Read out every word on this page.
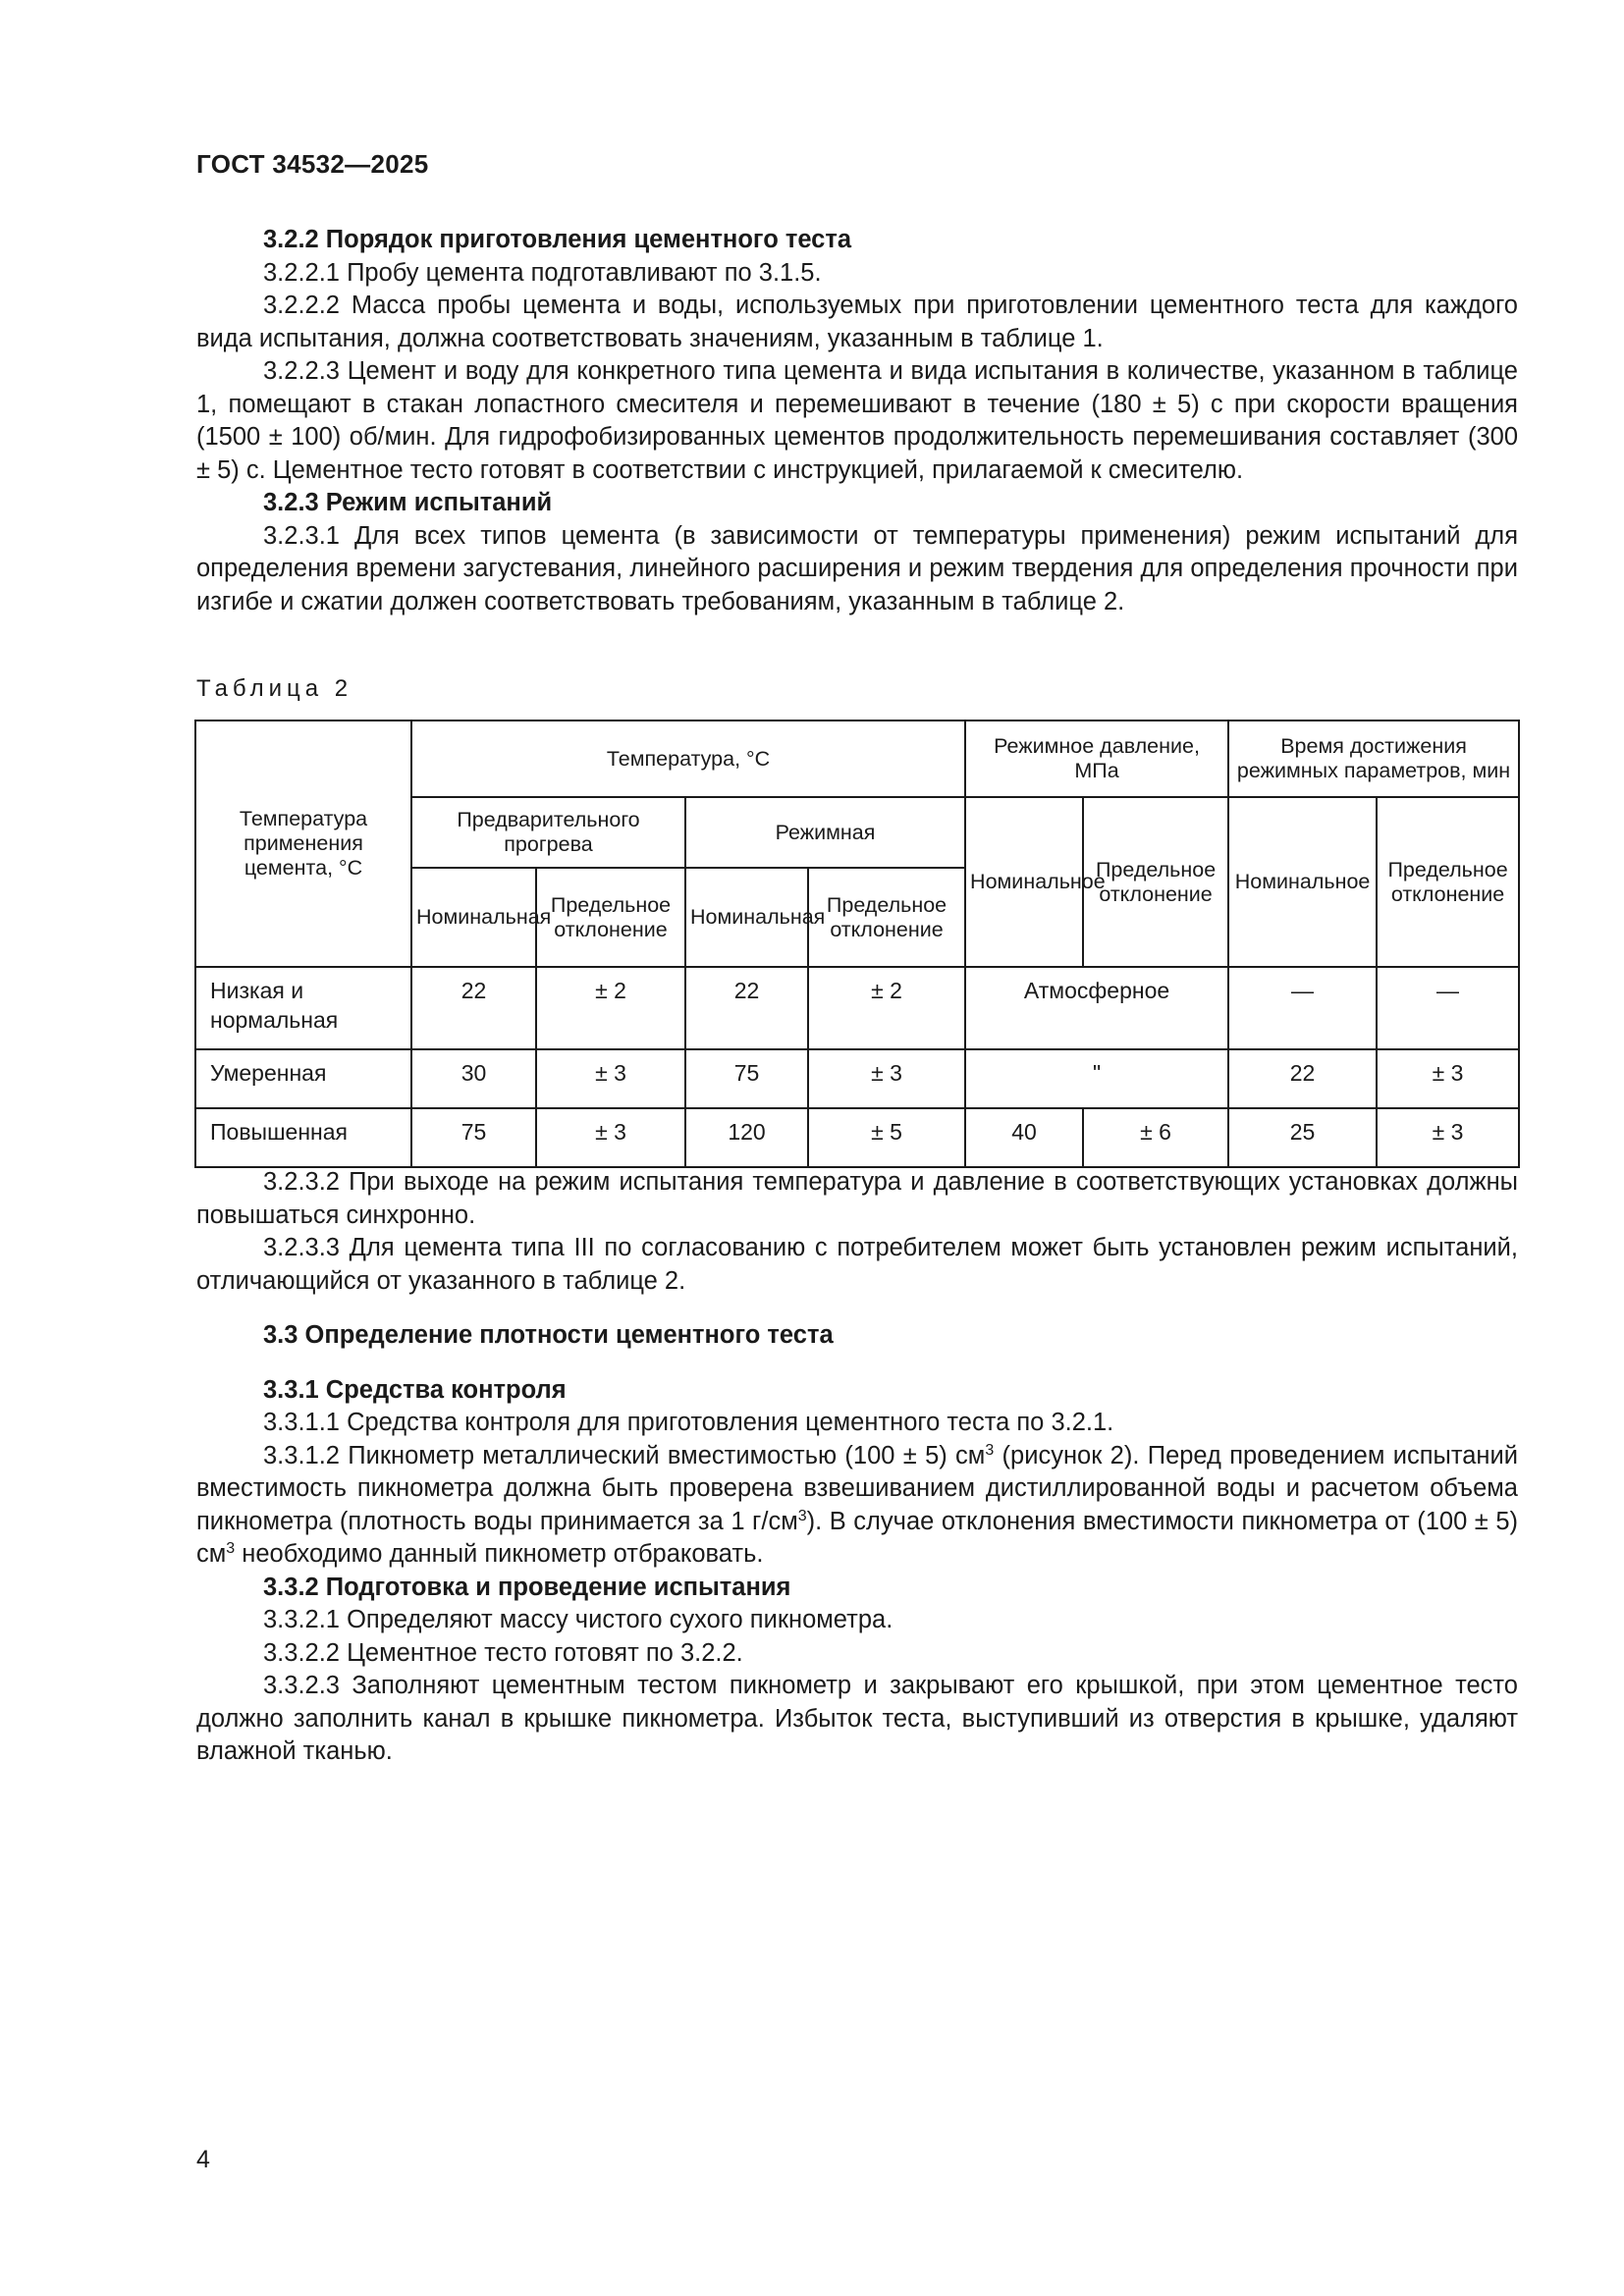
ГОСТ 34532—2025

3.2.2 Порядок приготовления цементного теста

3.2.2.1 Пробу цемента подготавливают по 3.1.5.

3.2.2.2 Масса пробы цемента и воды, используемых при приготовлении цементного теста для каждого вида испытания, должна соответствовать значениям, указанным в таблице 1.

3.2.2.3 Цемент и воду для конкретного типа цемента и вида испытания в количестве, указанном в таблице 1, помещают в стакан лопастного смесителя и перемешивают в течение (180 ± 5) с при скорости вращения (1500 ± 100) об/мин. Для гидрофобизированных цементов продолжительность перемешивания составляет (300 ± 5) с. Цементное тесто готовят в соответствии с инструкцией, прилагаемой к смесителю.

3.2.3 Режим испытаний

3.2.3.1 Для всех типов цемента (в зависимости от температуры применения) режим испытаний для определения времени загустевания, линейного расширения и режим твердения для определения прочности при изгибе и сжатии должен соответствовать требованиям, указанным в таблице 2.

Таблица 2
Температура применения цемента, °С	Температура, °С				Режимное давление, МПа		Время достижения режимных параметров, мин	
	Предварительного прогрева		Режимная		Номинальное	Предельное отклонение	Номинальное	Предельное отклонение
	Номинальная	Предельное отклонение	Номинальная	Предельное отклонение				
Низкая и нормальная	22	± 2	22	± 2	Атмосферное		—	—
Умеренная	30	± 3	75	± 3	"		22	± 3
Повышенная	75	± 3	120	± 5	40	± 6	25	± 3

3.2.3.2 При выходе на режим испытания температура и давление в соответствующих установках должны повышаться синхронно.

3.2.3.3 Для цемента типа III по согласованию с потребителем может быть установлен режим испытаний, отличающийся от указанного в таблице 2.

3.3 Определение плотности цементного теста

3.3.1 Средства контроля

3.3.1.1 Средства контроля для приготовления цементного теста по 3.2.1.

3.3.1.2 Пикнометр металлический вместимостью (100 ± 5) $см^3$ (рисунок 2). Перед проведением испытаний вместимость пикнометра должна быть проверена взвешиванием дистиллированной воды и расчетом объема пикнометра (плотность воды принимается за 1 $г/см^3$). В случае отклонения вместимости пикнометра от (100 ± 5) $см^3$ необходимо данный пикнометр отбраковать.

3.3.2 Подготовка и проведение испытания

3.3.2.1 Определяют массу чистого сухого пикнометра.

3.3.2.2 Цементное тесто готовят по 3.2.2.

3.3.2.3 Заполняют цементным тестом пикнометр и закрывают его крышкой, при этом цементное тесто должно заполнить канал в крышке пикнометра. Избыток теста, выступивший из отверстия в крышке, удаляют влажной тканью.

4
